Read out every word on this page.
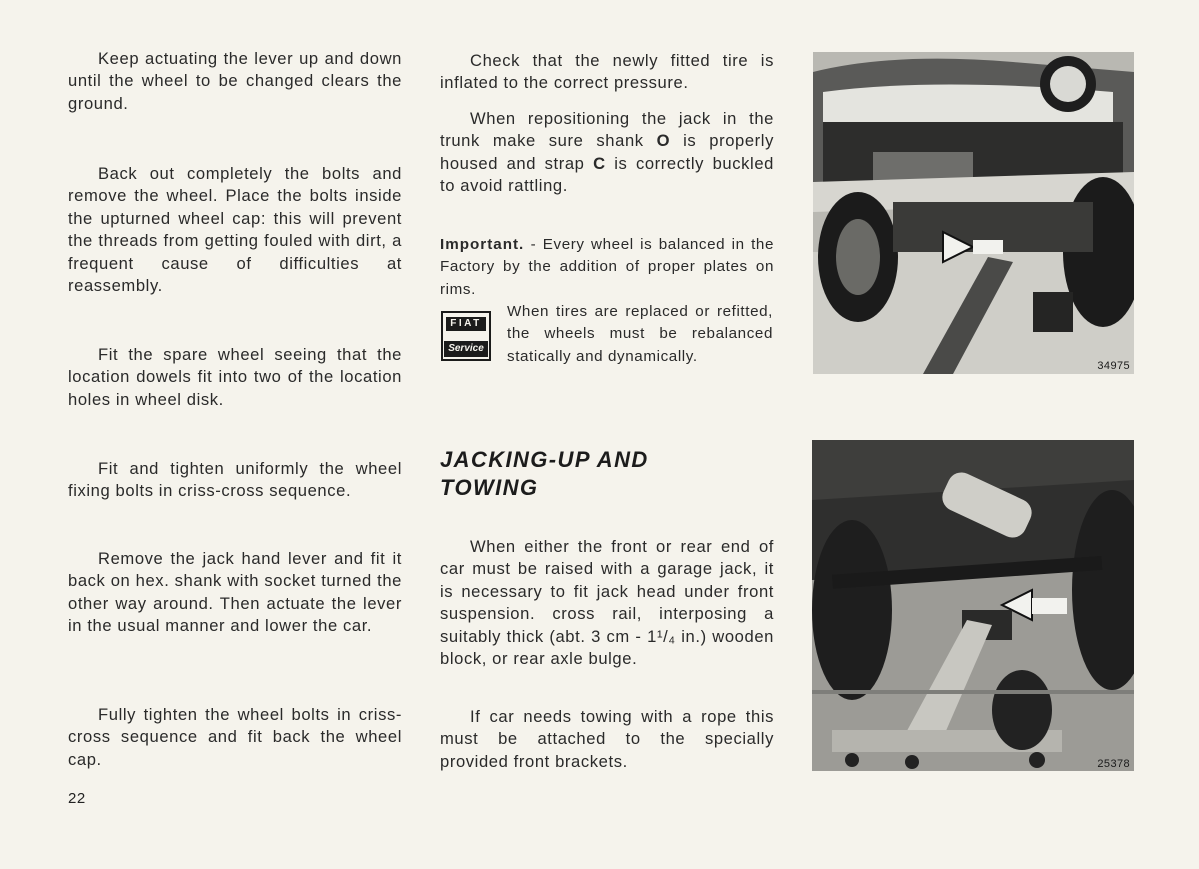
Keep actuating the lever up and down until the wheel to be changed clears the ground.

Back out completely the bolts and remove the wheel. Place the bolts inside the upturned wheel cap: this will prevent the threads from getting fouled with dirt, a frequent cause of difficulties at reassembly.

Fit the spare wheel seeing that the location dowels fit into two of the location holes in wheel disk.

Fit and tighten uniformly the wheel fixing bolts in criss-cross sequence.

Remove the jack hand lever and fit it back on hex. shank with socket turned the other way around. Then actuate the lever in the usual manner and lower the car.

Fully tighten the wheel bolts in criss-cross sequence and fit back the wheel cap.

Check that the newly fitted tire is inflated to the correct pressure.

When repositioning the jack in the trunk make sure shank O is properly housed and strap C is correctly buckled to avoid rattling.

Important. - Every wheel is balanced in the Factory by the addition of proper plates on rims.

FIAT
Service

When tires are replaced or refitted, the wheels must be rebalanced statically and dynamically.

JACKING-UP AND
TOWING

When either the front or rear end of car must be raised with a garage jack, it is necessary to fit jack head under front suspension. cross rail, interposing a suitably thick (abt. 3 cm - 1¹/₄ in.) wooden block, or rear axle bulge.

If car needs towing with a rope this must be attached to the specially provided front brackets.

34975
25378
22
